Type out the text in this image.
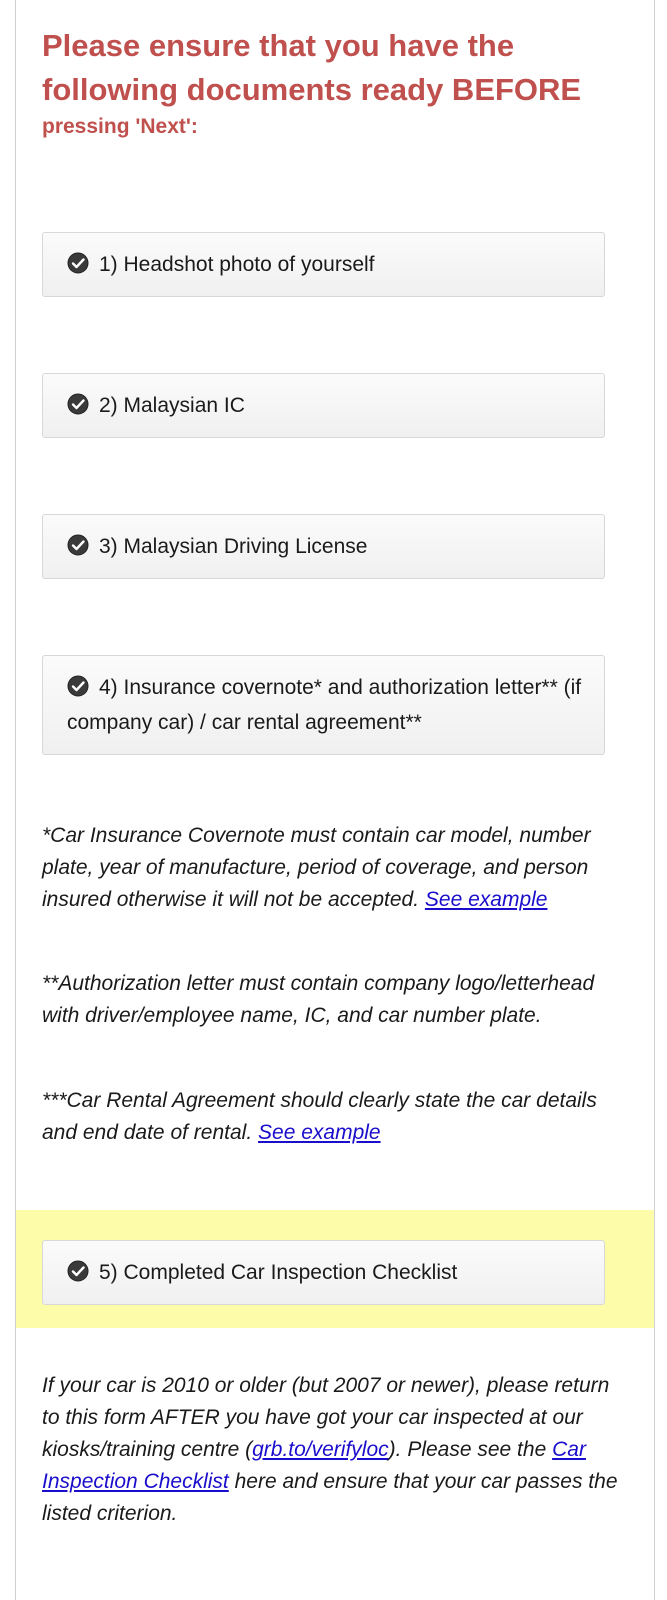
Please ensure that you have the following documents ready BEFORE

pressing 'Next':

1) Headshot photo of yourself
2) Malaysian IC
3) Malaysian Driving License
4) Insurance covernote* and authorization letter** (if company car) / car rental agreement**

*Car Insurance Covernote must contain car model, number plate, year of manufacture, period of coverage, and person insured otherwise it will not be accepted. See example

**Authorization letter must contain company logo/letterhead with driver/employee name, IC, and car number plate.

***Car Rental Agreement should clearly state the car details and end date of rental. See example

5) Completed Car Inspection Checklist

If your car is 2010 or older (but 2007 or newer), please return to this form AFTER you have got your car inspected at our kiosks/training centre (grb.to/verifyloc). Please see the Car Inspection Checklist here and ensure that your car passes the listed criterion.
